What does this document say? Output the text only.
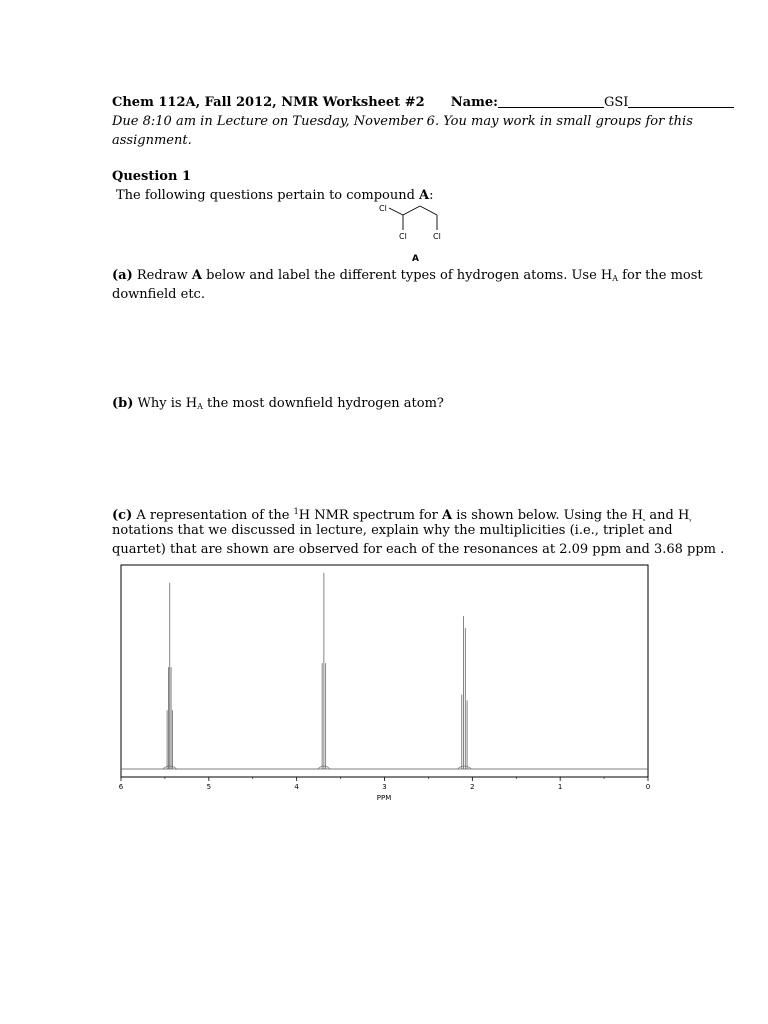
Chem 112A, Fall 2012, NMR Worksheet #2 Name:	GSI
Due 8:10 am in Lecture on Tuesday, November 6. You may work in small groups for this
assignment.
Question 1
The following questions pertain to compound A:
Cl
Cl	Cl
A
(a) Redraw A below and label the different types of hydrogen atoms. Use $H_A$ for the most
downfield etc.
(b) Why is $H_A$ the most downfield hydrogen atom?
(c) A representation of the $^1$H NMR spectrum for A is shown below. Using the $H_x$ and $H_y$
notations that we discussed in lecture, explain why the multiplicities (i.e., triplet and
quartet) that are shown are observed for each of the resonances at 2.09 ppm and 3.68 ppm .
6	5	4	3	2	1	0
PPM
